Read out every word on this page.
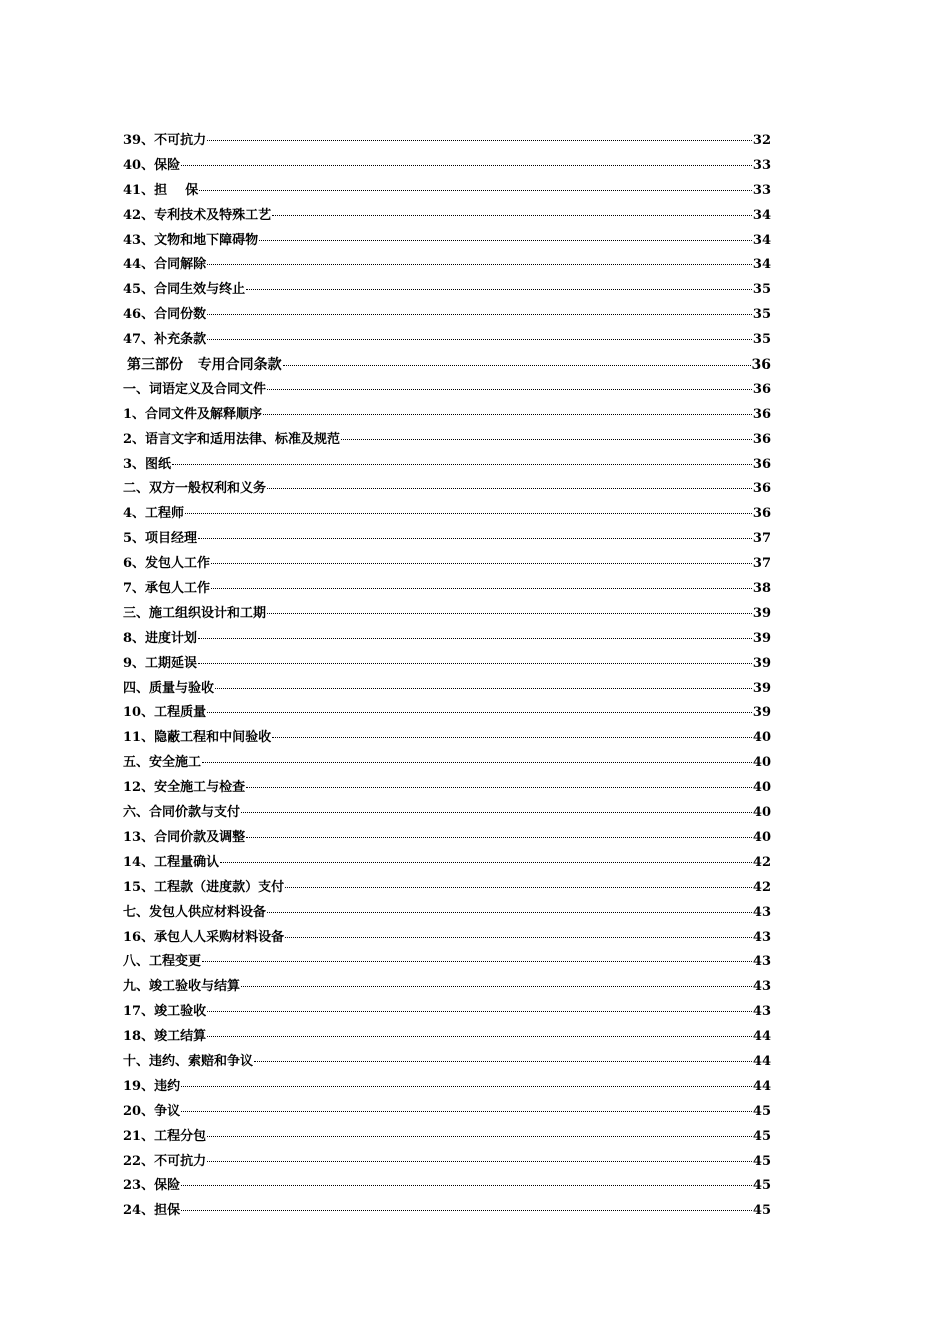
39、不可抗力	32
40、保险	33
41、担    保	33
42、专利技术及特殊工艺	34
43、文物和地下障碍物	34
44、合同解除	34
45、合同生效与终止	35
46、合同份数	35
47、补充条款	35
第三部份   专用合同条款	36
一、词语定义及合同文件	36
1、合同文件及解释顺序	36
2、语言文字和适用法律、标准及规范	36
3、图纸	36
二、双方一般权利和义务	36
4、工程师	36
5、项目经理	37
6、发包人工作	37
7、承包人工作	38
三、施工组织设计和工期	39
8、进度计划	39
9、工期延误	39
四、质量与验收	39
10、工程质量	39
11、隐蔽工程和中间验收	40
五、安全施工	40
12、安全施工与检查	40
六、合同价款与支付	40
13、合同价款及调整	40
14、工程量确认	42
15、工程款（进度款）支付	42
七、发包人供应材料设备	43
16、承包人人采购材料设备	43
八、工程变更	43
九、竣工验收与结算	43
17、竣工验收	43
18、竣工结算	44
十、违约、索赔和争议	44
19、违约	44
20、争议	45
21、工程分包	45
22、不可抗力	45
23、保险	45
24、担保	45
